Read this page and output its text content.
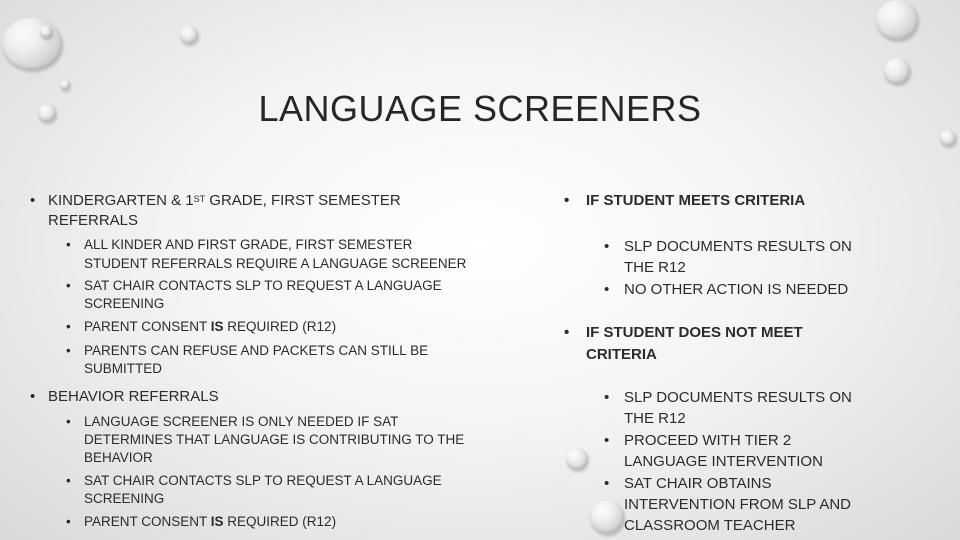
LANGUAGE SCREENERS
• KINDERGARTEN & 1ST GRADE, FIRST SEMESTER
REFERRALS
• ALL KINDER AND FIRST GRADE, FIRST SEMESTER
STUDENT REFERRALS REQUIRE A LANGUAGE SCREENER
• SAT CHAIR CONTACTS SLP TO REQUEST A LANGUAGE
SCREENING
• PARENT CONSENT IS REQUIRED (R12)
• PARENTS CAN REFUSE AND PACKETS CAN STILL BE
SUBMITTED
• BEHAVIOR REFERRALS
• LANGUAGE SCREENER IS ONLY NEEDED IF SAT
DETERMINES THAT LANGUAGE IS CONTRIBUTING TO THE
BEHAVIOR
• SAT CHAIR CONTACTS SLP TO REQUEST A LANGUAGE
SCREENING
• PARENT CONSENT IS REQUIRED (R12)
• IF STUDENT MEETS CRITERIA
• SLP DOCUMENTS RESULTS ON
THE R12
• NO OTHER ACTION IS NEEDED
• IF STUDENT DOES NOT MEET
CRITERIA
• SLP DOCUMENTS RESULTS ON
THE R12
• PROCEED WITH TIER 2
LANGUAGE INTERVENTION
• SAT CHAIR OBTAINS
INTERVENTION FROM SLP AND
CLASSROOM TEACHER
